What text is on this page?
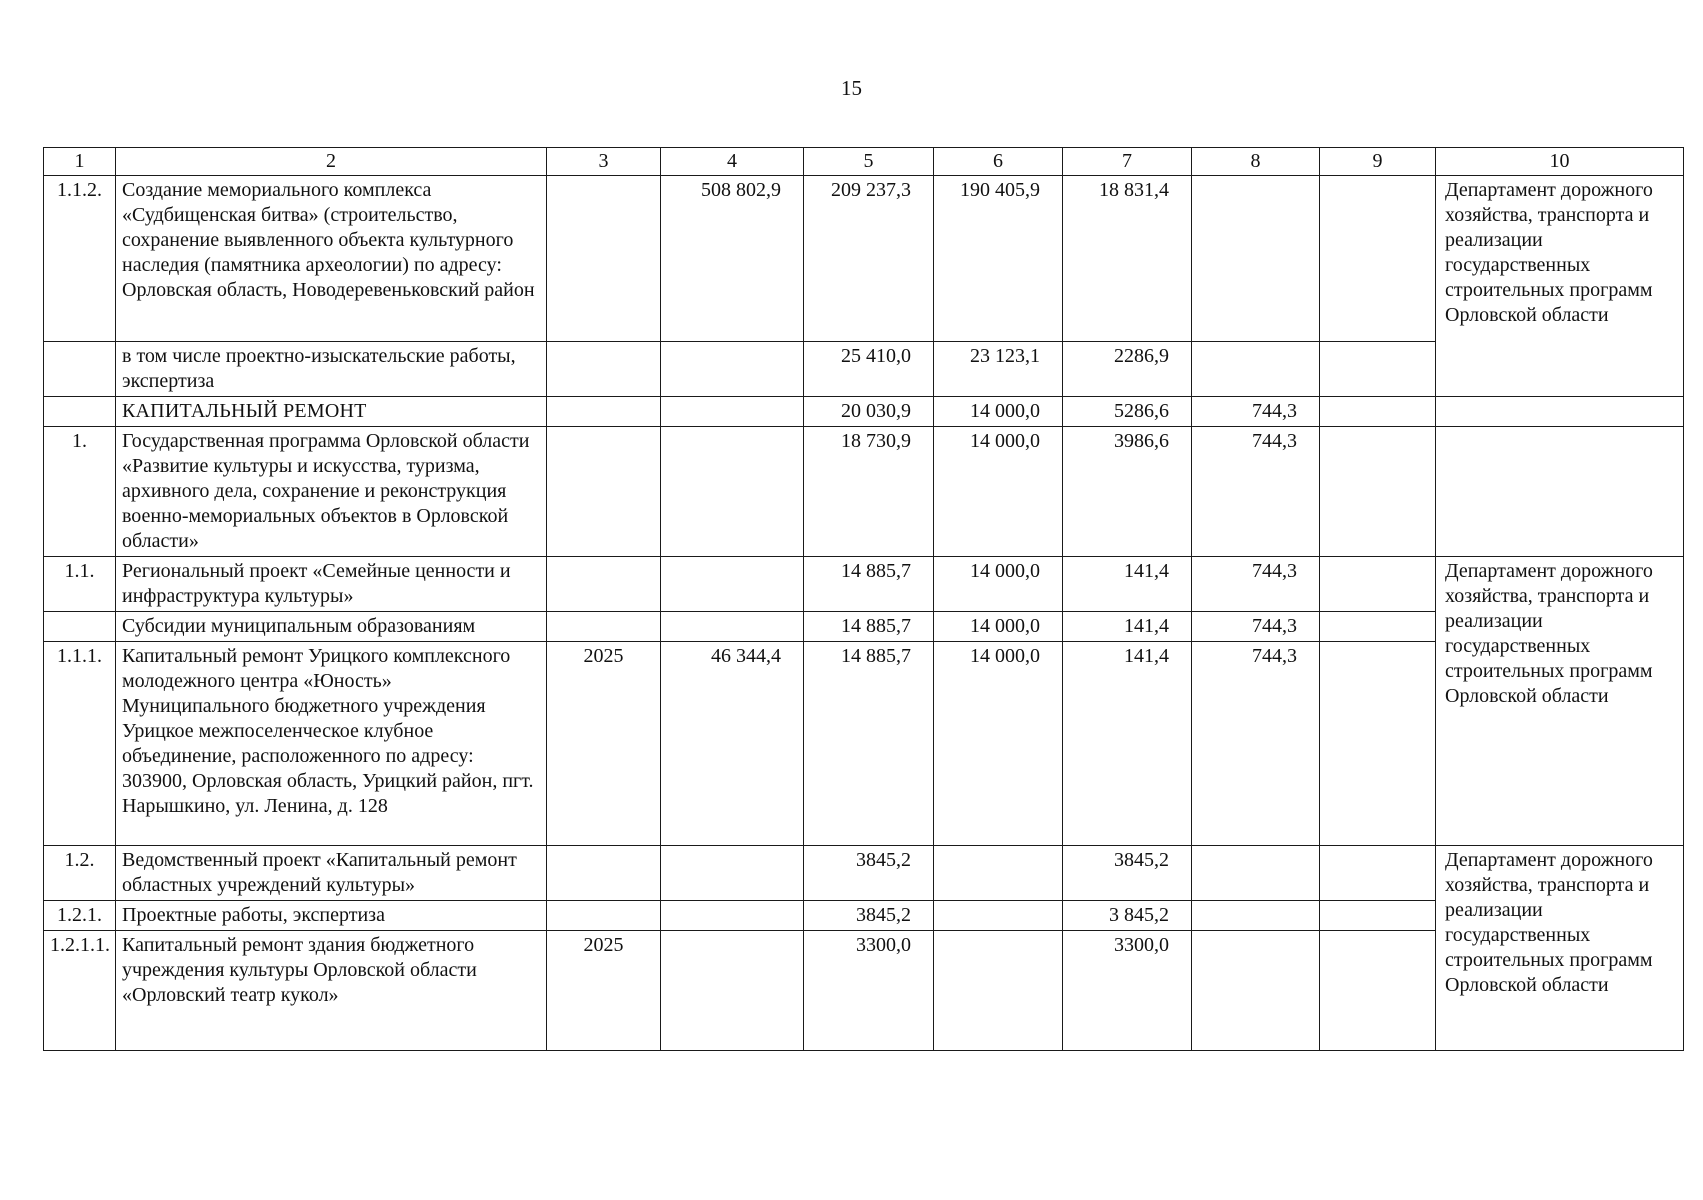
15
1	2	3	4	5	6	7	8	9	10
1.1.2.	Создание мемориального комплекса «Судбищенская битва» (строительство, сохранение выявленного объекта культурного наследия (памятника археологии) по адресу: Орловская область, Новодеревеньковский район		508 802,9	209 237,3	190 405,9	18 831,4			Департамент дорожного хозяйства, транспорта и реализации государственных строительных программ Орловской области
	в том числе проектно-изыскательские работы, экспертиза			25 410,0	23 123,1	2286,9			
	КАПИТАЛЬНЫЙ РЕМОНТ			20 030,9	14 000,0	5286,6	744,3		
1.	Государственная программа Орловской области «Развитие культуры и искусства, туризма, архивного дела, сохранение и реконструкция военно-мемориальных объектов в Орловской области»			18 730,9	14 000,0	3986,6	744,3		
1.1.	Региональный проект «Семейные ценности и инфраструктура культуры»			14 885,7	14 000,0	141,4	744,3		Департамент дорожного хозяйства, транспорта и реализации государственных строительных программ Орловской области
	Субсидии муниципальным образованиям			14 885,7	14 000,0	141,4	744,3		
1.1.1.	Капитальный ремонт Урицкого комплексного молодежного центра «Юность» Муниципального бюджетного учреждения Урицкое межпоселенческое клубное объединение, расположенного по адресу: 303900, Орловская область, Урицкий район, пгт. Нарышкино, ул. Ленина, д. 128	2025	46 344,4	14 885,7	14 000,0	141,4	744,3		
1.2.	Ведомственный проект «Капитальный ремонт областных учреждений культуры»			3845,2		3845,2			Департамент дорожного хозяйства, транспорта и реализации государственных строительных программ Орловской области
1.2.1.	Проектные работы, экспертиза			3845,2		3 845,2			
1.2.1.1.	Капитальный ремонт здания бюджетного учреждения культуры Орловской области «Орловский театр кукол»	2025		3300,0		3300,0			
